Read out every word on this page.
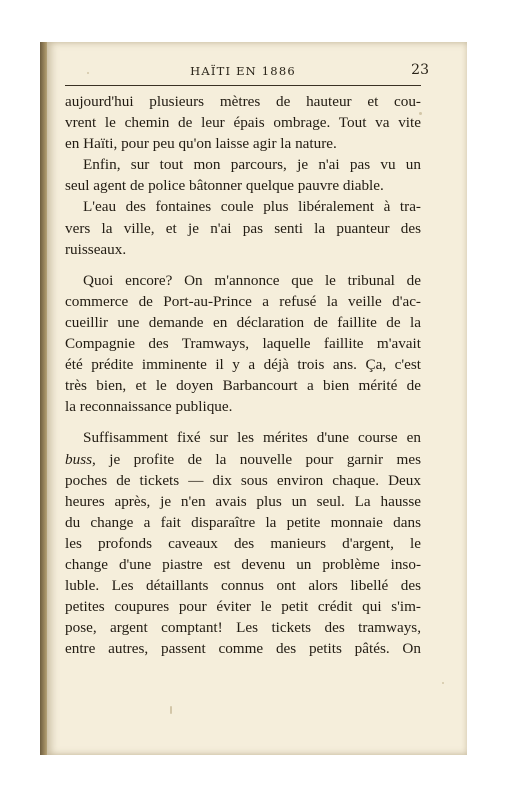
HAÏTI EN 1886	23
aujourd'hui plusieurs mètres de hauteur et cou-
vrent le chemin de leur épais ombrage. Tout va vite
en Haïti, pour peu qu'on laisse agir la nature.
Enfin, sur tout mon parcours, je n'ai pas vu un
seul agent de police bâtonner quelque pauvre diable.
L'eau des fontaines coule plus libéralement à tra-
vers la ville, et je n'ai pas senti la puanteur des
ruisseaux.
Quoi encore? On m'annonce que le tribunal de
commerce de Port-au-Prince a refusé la veille d'ac-
cueillir une demande en déclaration de faillite de la
Compagnie des Tramways, laquelle faillite m'avait
été prédite imminente il y a déjà trois ans. Ça, c'est
très bien, et le doyen Barbancourt a bien mérité de
la reconnaissance publique.
Suffisamment fixé sur les mérites d'une course en
buss, je profite de la nouvelle pour garnir mes
poches de tickets — dix sous environ chaque. Deux
heures après, je n'en avais plus un seul. La hausse
du change a fait disparaître la petite monnaie dans
les profonds caveaux des manieurs d'argent, le
change d'une piastre est devenu un problème inso-
luble. Les détaillants connus ont alors libellé des
petites coupures pour éviter le petit crédit qui s'im-
pose, argent comptant! Les tickets des tramways,
entre autres, passent comme des petits pâtés. On
